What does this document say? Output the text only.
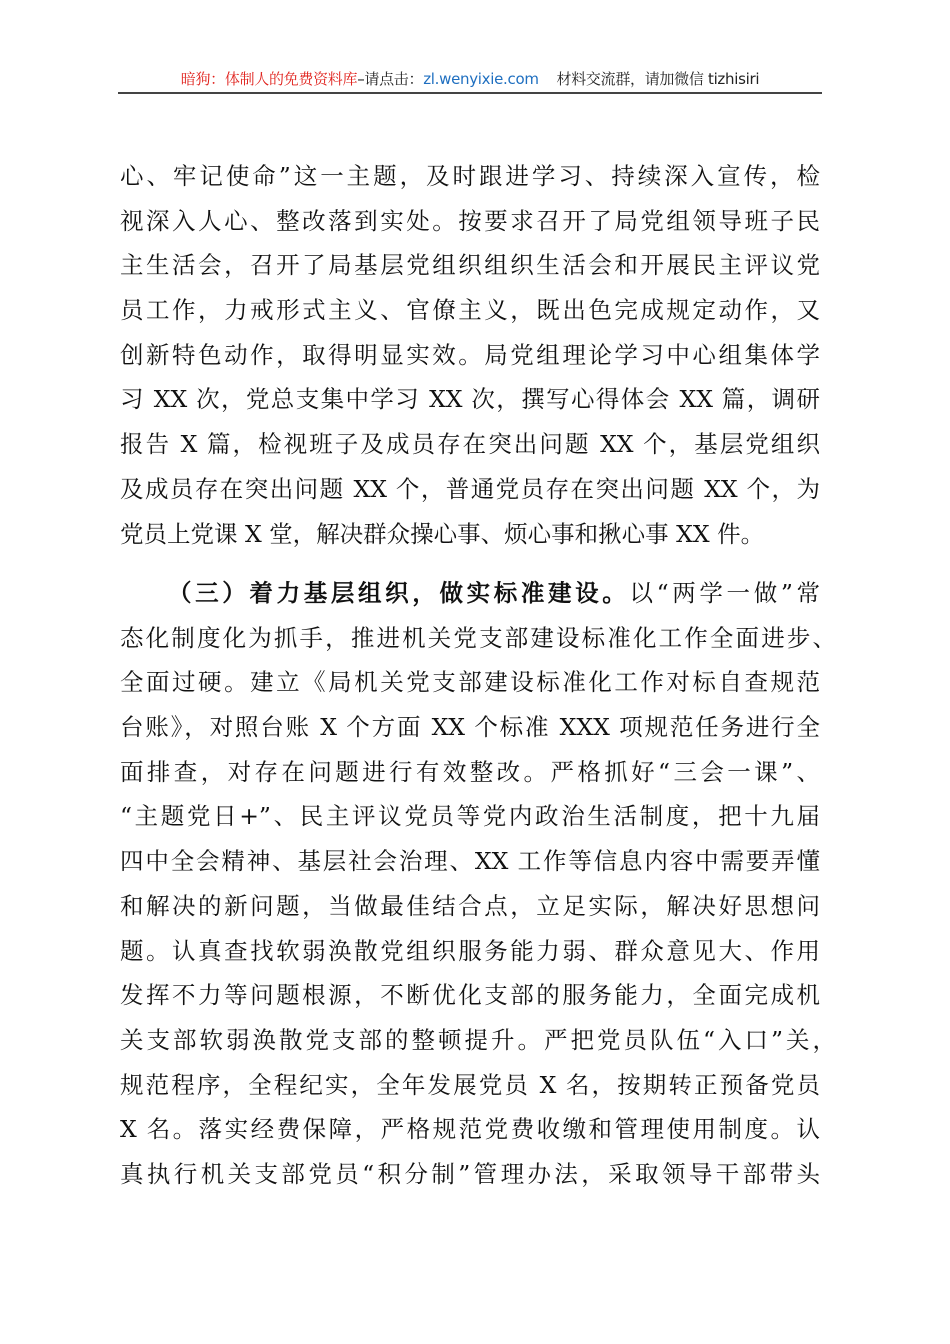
暗狗：体制人的免费资料库–请点击：zl.wenyixie.com 材料交流群，请加微信 tizhisiri
心、牢记使命”这一主题，及时跟进学习、持续深入宣传，检
视深入人心、整改落到实处。按要求召开了局党组领导班子民
主生活会，召开了局基层党组织组织生活会和开展民主评议党
员工作，力戒形式主义、官僚主义，既出色完成规定动作，又
创新特色动作，取得明显实效。局党组理论学习中心组集体学
习 XX 次，党总支集中学习 XX 次，撰写心得体会 XX 篇，调研
报告 X 篇，检视班子及成员存在突出问题 XX 个，基层党组织
及成员存在突出问题 XX 个，普通党员存在突出问题 XX 个，为
党员上党课 X 堂，解决群众操心事、烦心事和揪心事 XX 件。
（三）着力基层组织，做实标准建设。以“两学一做”常
态化制度化为抓手，推进机关党支部建设标准化工作全面进步、
全面过硬。建立《局机关党支部建设标准化工作对标自查规范
台账》，对照台账 X 个方面 XX 个标准 XXX 项规范任务进行全
面排查，对存在问题进行有效整改。严格抓好“三会一课”、
“主题党日+”、民主评议党员等党内政治生活制度，把十九届
四中全会精神、基层社会治理、XX 工作等信息内容中需要弄懂
和解决的新问题，当做最佳结合点，立足实际，解决好思想问
题。认真查找软弱涣散党组织服务能力弱、群众意见大、作用
发挥不力等问题根源，不断优化支部的服务能力，全面完成机
关支部软弱涣散党支部的整顿提升。严把党员队伍“入口”关，
规范程序，全程纪实，全年发展党员 X 名，按期转正预备党员
X 名。落实经费保障，严格规范党费收缴和管理使用制度。认
真执行机关支部党员“积分制”管理办法，采取领导干部带头
